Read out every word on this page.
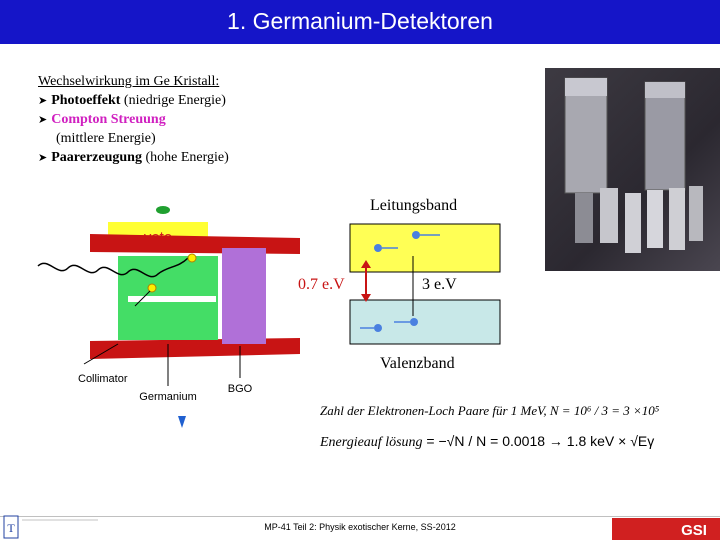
1. Germanium-Detektoren
Wechselwirkung im Ge Kristall:
➤ Photoeffekt (niedrige Energie)
➤ Compton Streuung
(mittlere Energie)
➤ Paarerzeugung (hohe Energie)
Collimator
Germanium
BGO
Leitungsband
0.7 e.V	3 e.V
Valenzband
Zahl der Elektronen-Loch Paare für 1 MeV, N = 10⁶ / 3 = 3 ×10⁵
Energieauf lösung = −√N / N = 0.0018 → 1.8 keV × √Eγ
T	MP-41 Teil 2: Physik exotischer Kerne, SS-2012	GSI
